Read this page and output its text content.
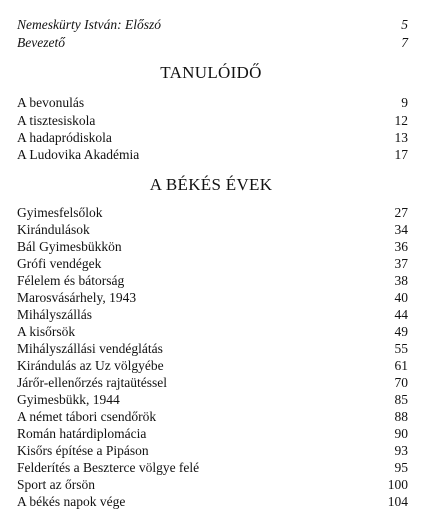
Nemeskürty István: Előszó	5
Bevezető	7
TANULÓIDŐ
A bevonulás	9
A tisztesiskola	12
A hadapródiskola	13
A Ludovika Akadémia	17
A BÉKÉS ÉVEK
Gyimesfelsőlok	27
Kirándulások	34
Bál Gyimesbükkön	36
Grófi vendégek	37
Félelem és bátorság	38
Marosvásárhely, 1943	40
Mihályszállás	44
A kisőrsök	49
Mihályszállási vendéglátás	55
Kirándulás az Uz völgyébe	61
Járőr-ellenőrzés rajtaütéssel	70
Gyimesbükk, 1944	85
A német tábori csendőrök	88
Román határdiplomácia	90
Kisőrs építése a Pipáson	93
Felderítés a Beszterce völgye felé	95
Sport az őrsön	100
A békés napok vége	104
